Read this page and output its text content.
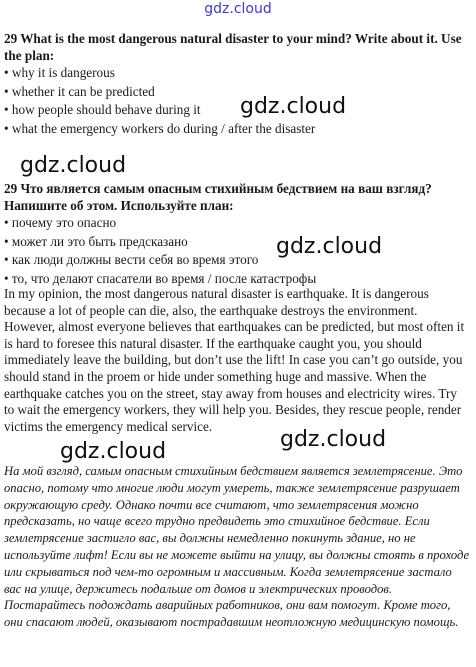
gdz.cloud

29 What is the most dangerous natural disaster to your mind? Write about it. Use the plan:

• why it is dangerous
• whether it can be predicted
• how people should behave during it
• what the emergency workers do during / after the disaster

29 Что является самым опасным стихийным бедствием на ваш взгляд? Напишите об этом. Используйте план:

• почему это опасно
• может ли это быть предсказано
• как люди должны вести себя во время этого
• то, что делают спасатели во время / после катастрофы

In my opinion, the most dangerous natural disaster is earthquake. It is dangerous because a lot of people can die, also, the earthquake destroys the environment. However, almost everyone believes that earthquakes can be predicted, but most often it is hard to foresee this natural disaster. If the earthquake caught you, you should immediately leave the building, but don’t use the lift! In case you can’t go outside, you should stand in the proem or hide under something huge and massive. When the earthquake catches you on the street, stay away from houses and electricity wires. Try to wait the emergency workers, they will help you. Besides, they rescue people, render victims the emergency medical service.

На мой взгляд, самым опасным стихийным бедствием является землетрясение. Это опасно, потому что многие люди могут умереть, также землетрясение разрушает окружающую среду. Однако почти все считают, что землетрясения можно предсказать, но чаще всего трудно предвидеть это стихийное бедствие. Если землетрясение застигло вас, вы должны немедленно покинуть здание, но не используйте лифт! Если вы не можете выйти на улицу, вы должны стоять в проходе или скрываться под чем-то огромным и массивным. Когда землетрясение застало вас на улице, держитесь подальше от домов и электрических проводов. Постарайтесь подождать аварийных работников, они вам помогут. Кроме того, они спасают людей, оказывают пострадавшим неотложную медицинскую помощь.

gdz.cloud
gdz.cloud
gdz.cloud
gdz.cloud
gdz.cloud
